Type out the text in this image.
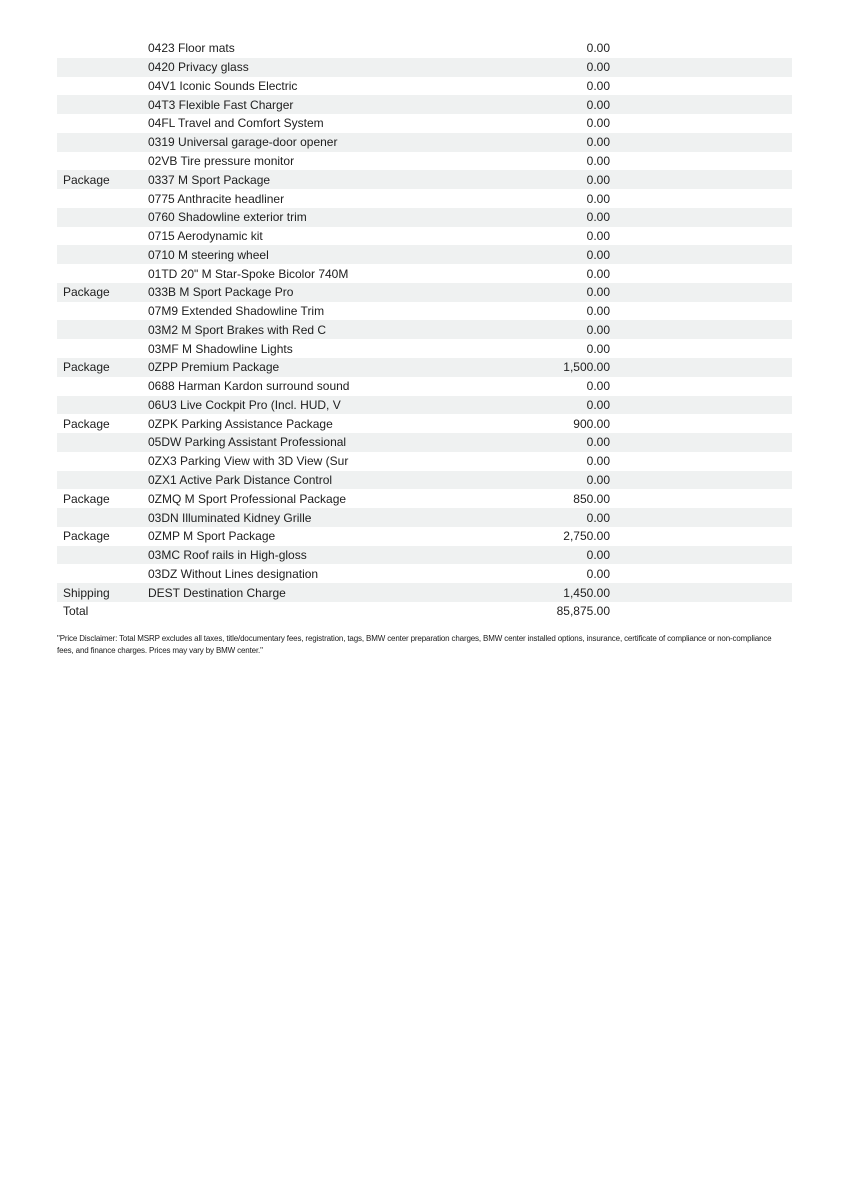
0423 Floor mats	0.00
0420 Privacy glass	0.00
04V1 Iconic Sounds Electric	0.00
04T3 Flexible Fast Charger	0.00
04FL Travel and Comfort System	0.00
0319 Universal garage-door opener	0.00
02VB Tire pressure monitor	0.00
Package	0337 M Sport Package	0.00
0775 Anthracite headliner	0.00
0760 Shadowline exterior trim	0.00
0715 Aerodynamic kit	0.00
0710 M steering wheel	0.00
01TD 20" M Star-Spoke Bicolor 740M	0.00
Package	033B M Sport Package Pro	0.00
07M9 Extended Shadowline Trim	0.00
03M2 M Sport Brakes with Red C	0.00
03MF M Shadowline Lights	0.00
Package	0ZPP Premium Package	1,500.00
0688 Harman Kardon surround sound	0.00
06U3 Live Cockpit Pro (Incl. HUD, V	0.00
Package	0ZPK Parking Assistance Package	900.00
05DW Parking Assistant Professional	0.00
0ZX3 Parking View with 3D View (Sur	0.00
0ZX1 Active Park Distance Control	0.00
Package	0ZMQ M Sport Professional Package	850.00
03DN Illuminated Kidney Grille	0.00
Package	0ZMP M Sport Package	2,750.00
03MC Roof rails in High-gloss	0.00
03DZ Without Lines designation	0.00
Shipping	DEST Destination Charge	1,450.00
Total	85,875.00
"Price Disclaimer: Total MSRP excludes all taxes, title/documentary fees, registration, tags, BMW center preparation charges, BMW center installed options, insurance, certificate of compliance or non-compliance fees, and finance charges. Prices may vary by BMW center."
